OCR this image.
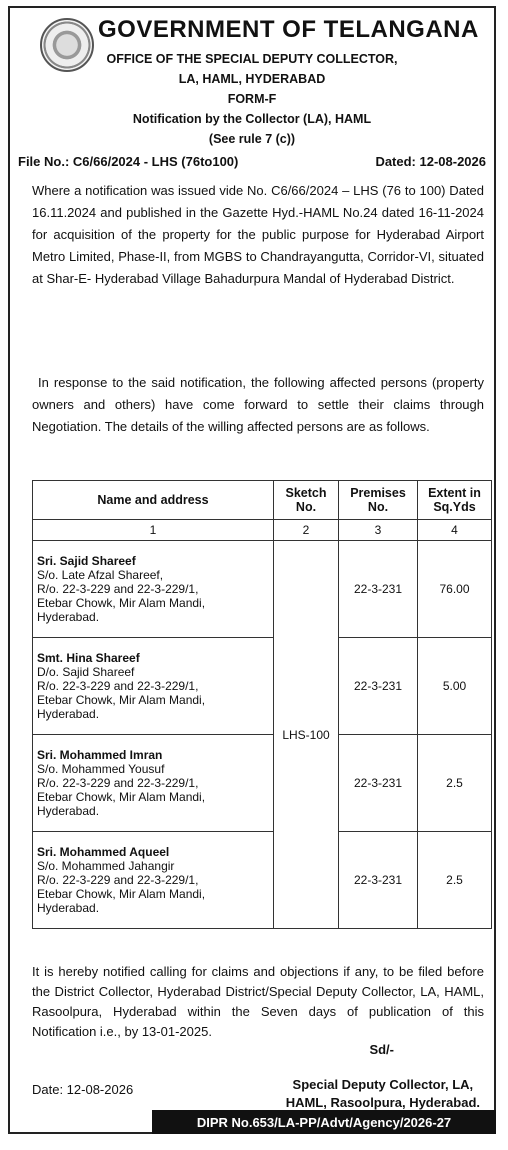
GOVERNMENT OF TELANGANA
OFFICE OF THE SPECIAL DEPUTY COLLECTOR,
LA, HAML, HYDERABAD
FORM-F
Notification by the Collector (LA), HAML
(See rule 7 (c))
File No.: C6/66/2024 - LHS (76to100)	Dated: 12-08-2026
Where a notification was issued vide No. C6/66/2024 – LHS (76 to 100) Dated 16.11.2024 and published in the Gazette Hyd.-HAML No.24 dated 16-11-2024 for acquisition of the property for the public purpose for Hyderabad Airport Metro Limited, Phase-II, from MGBS to Chandrayangutta, Corridor-VI, situated at Shar-E- Hyderabad Village Bahadurpura Mandal of Hyderabad District.
In response to the said notification, the following affected persons (property owners and others) have come forward to settle their claims through Negotiation. The details of the willing affected persons are as follows.
Name and address	Sketch No.	Premises No.	Extent in Sq.Yds
1	2	3	4
Sri. Sajid Shareef
S/o. Late Afzal Shareef,
R/o. 22-3-229 and 22-3-229/1,
Etebar Chowk, Mir Alam Mandi,
Hyderabad.	LHS-100	22-3-231	76.00
Smt. Hina Shareef
D/o. Sajid Shareef
R/o. 22-3-229 and 22-3-229/1,
Etebar Chowk, Mir Alam Mandi,
Hyderabad.		22-3-231	5.00
Sri. Mohammed Imran
S/o. Mohammed Yousuf
R/o. 22-3-229 and 22-3-229/1,
Etebar Chowk, Mir Alam Mandi,
Hyderabad.		22-3-231	2.5
Sri. Mohammed Aqueel
S/o. Mohammed Jahangir
R/o. 22-3-229 and 22-3-229/1,
Etebar Chowk, Mir Alam Mandi,
Hyderabad.		22-3-231	2.5
It is hereby notified calling for claims and objections if any, to be filed before the District Collector, Hyderabad District/Special Deputy Collector, LA, HAML, Rasoolpura, Hyderabad within the Seven days of publication of this Notification i.e., by 13-01-2025.
Sd/-
Date: 12-08-2026	Special Deputy Collector, LA,
HAML, Rasoolpura, Hyderabad.
DIPR No.653/LA-PP/Advt/Agency/2026-27
